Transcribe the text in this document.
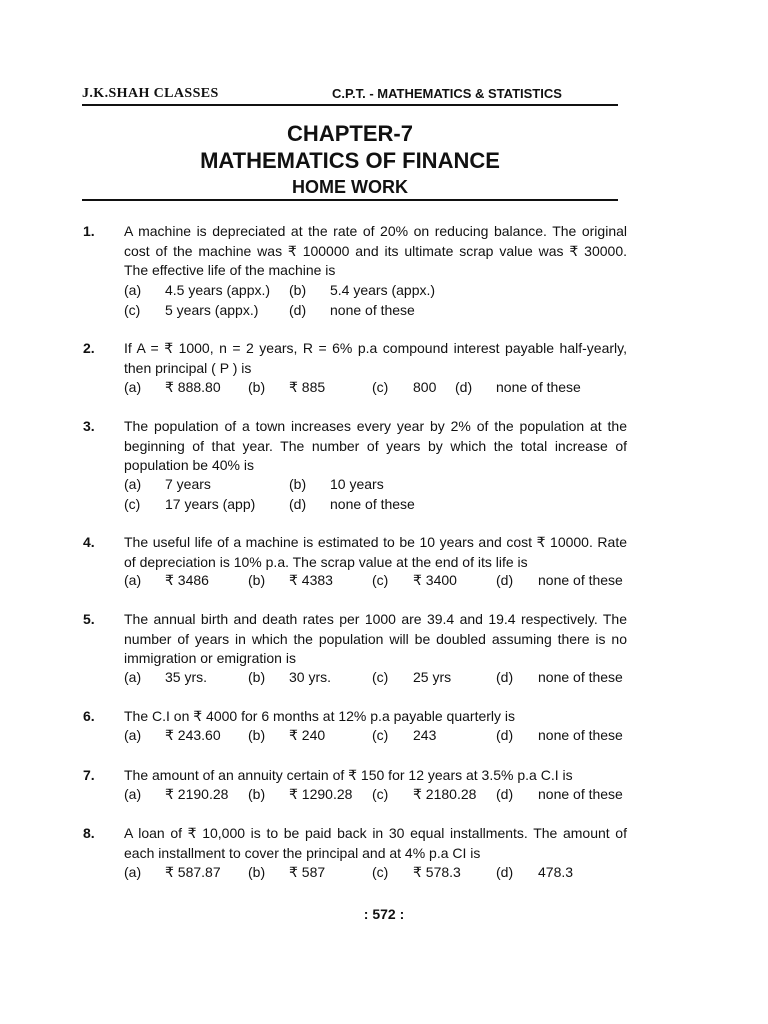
J.K.SHAH CLASSES	C.P.T. - MATHEMATICS & STATISTICS
CHAPTER-7
MATHEMATICS OF FINANCE
HOME WORK
1. A machine is depreciated at the rate of 20% on reducing balance. The original cost of the machine was ₹ 100000 and its ultimate scrap value was ₹ 30000. The effective life of the machine is
(a) 4.5 years (appx.) (b) 5.4 years (appx.)
(c) 5 years (appx.) (d) none of these
2. If A = ₹ 1000, n = 2 years, R = 6% p.a compound interest payable half-yearly, then principal ( P ) is
(a) ₹ 888.80 (b) ₹ 885	(c) 800 (d) none of these
3. The population of a town increases every year by 2% of the population at the beginning of that year. The number of years by which the total increase of population be 40% is
(a) 7 years	(b) 10 years
(c) 17 years (app) (d) none of these
4. The useful life of a machine is estimated to be 10 years and cost ₹ 10000. Rate of depreciation is 10% p.a. The scrap value at the end of its life is
(a) ₹ 3486	(b) ₹ 4383	(c) ₹ 3400	(d) none of these
5. The annual birth and death rates per 1000 are 39.4 and 19.4 respectively. The number of years in which the population will be doubled assuming there is no immigration or emigration is
(a) 35 yrs.	(b) 30 yrs.	(c) 25 yrs	(d) none of these
6. The C.I on ₹ 4000 for 6 months at 12% p.a payable quarterly is
(a) ₹ 243.60 (b) ₹ 240	(c) 243	(d) none of these
7. The amount of an annuity certain of ₹ 150 for 12 years at 3.5% p.a C.I is
(a) ₹ 2190.28 (b) ₹ 1290.28 (c) ₹ 2180.28 (d) none of these
8. A loan of ₹ 10,000 is to be paid back in 30 equal installments. The amount of each installment to cover the principal and at 4% p.a CI is
(a) ₹ 587.87 (b) ₹ 587	(c) ₹ 578.3	(d) 478.3
: 572 :
